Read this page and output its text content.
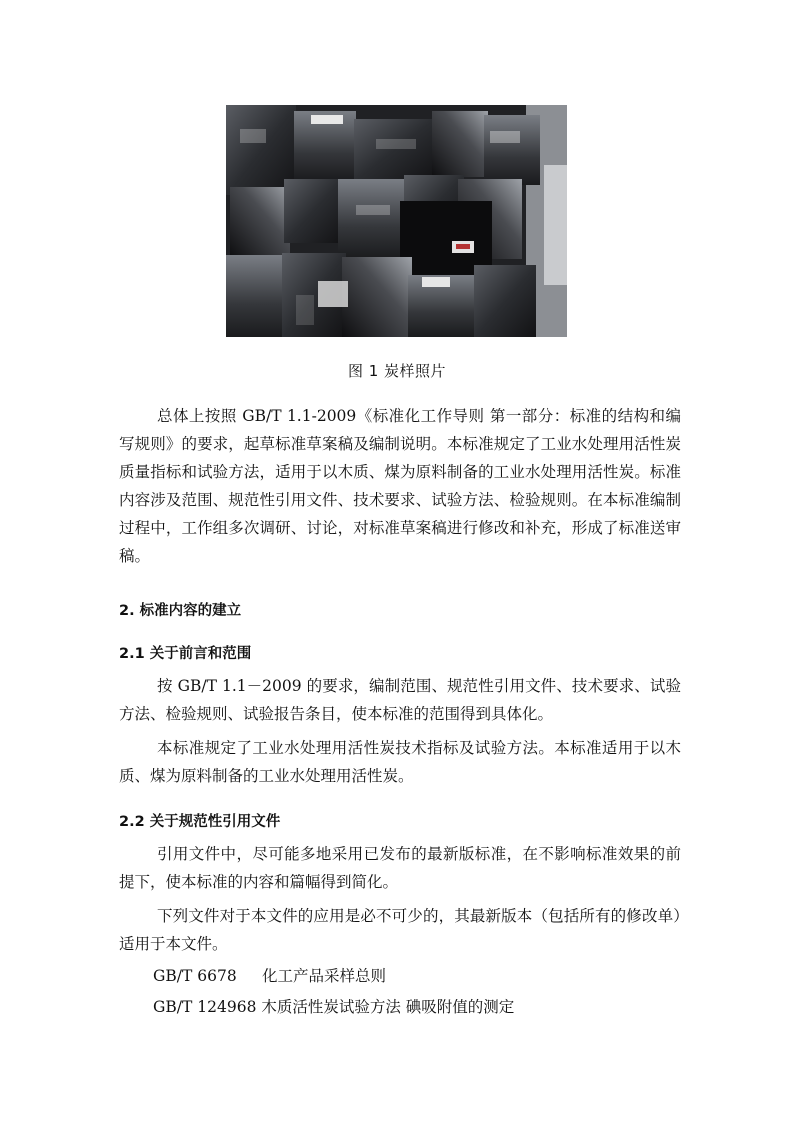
图 1 炭样照片

总体上按照 GB/T 1.1-2009《标准化工作导则 第一部分：标准的结构和编写规则》的要求，起草标准草案稿及编制说明。本标准规定了工业水处理用活性炭质量指标和试验方法，适用于以木质、煤为原料制备的工业水处理用活性炭。标准内容涉及范围、规范性引用文件、技术要求、试验方法、检验规则。在本标准编制过程中，工作组多次调研、讨论，对标准草案稿进行修改和补充，形成了标准送审稿。

2. 标准内容的建立
2.1 关于前言和范围

按 GB/T 1.1－2009 的要求，编制范围、规范性引用文件、技术要求、试验方法、检验规则、试验报告条目，使本标准的范围得到具体化。

本标准规定了工业水处理用活性炭技术指标及试验方法。本标准适用于以木质、煤为原料制备的工业水处理用活性炭。

2.2 关于规范性引用文件

引用文件中，尽可能多地采用已发布的最新版标准，在不影响标准效果的前提下，使本标准的内容和篇幅得到简化。

下列文件对于本文件的应用是必不可少的，其最新版本（包括所有的修改单）适用于本文件。

GB/T 6678 化工产品采样总则
GB/T 124968 木质活性炭试验方法 碘吸附值的测定
